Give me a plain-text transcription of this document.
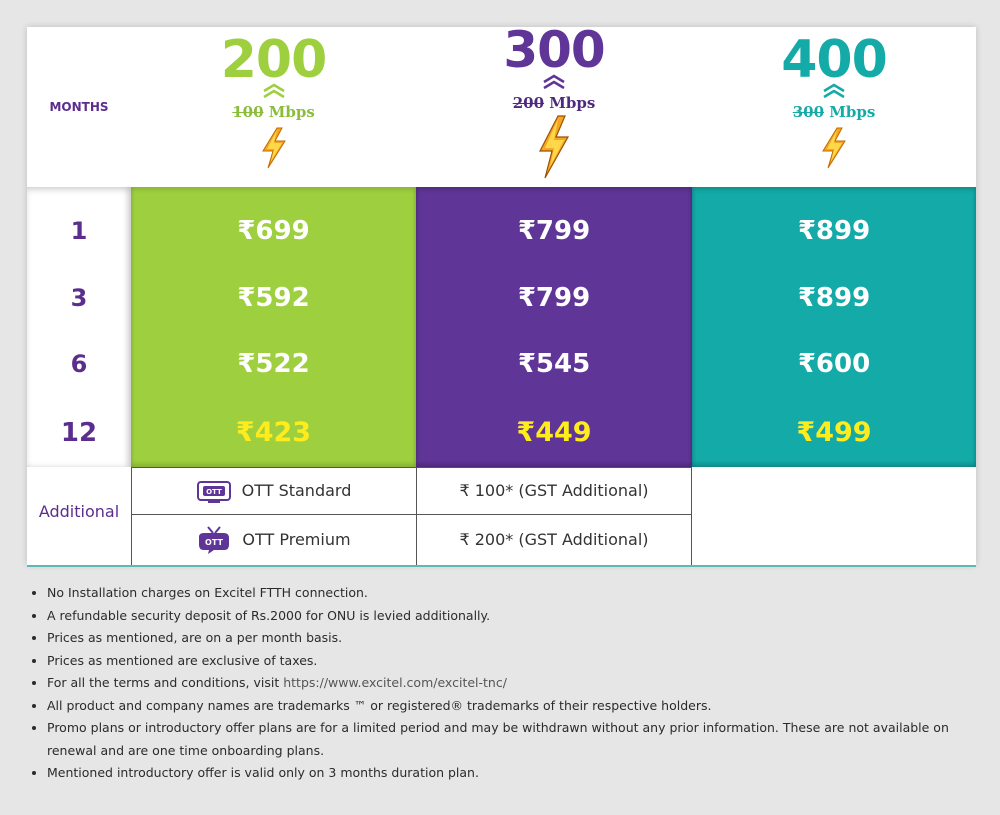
MONTHS
200
100 Mbps
300
200 Mbps
400
300 Mbps
1
3
6
12
₹699
₹592
₹522
₹423
₹799
₹799
₹545
₹449
₹899
₹899
₹600
₹499
Additional
OTT OTT Standard
OTT OTT Premium
₹ 100* (GST Additional)
₹ 200* (GST Additional)
• No Installation charges on Excitel FTTH connection.
• A refundable security deposit of Rs.2000 for ONU is levied additionally.
• Prices as mentioned, are on a per month basis.
• Prices as mentioned are exclusive of taxes.
• For all the terms and conditions, visit https://www.excitel.com/excitel-tnc/
• All product and company names are trademarks ™ or registered® trademarks of their respective holders.
• Promo plans or introductory offer plans are for a limited period and may be withdrawn without any prior information. These are not available on renewal and are one time onboarding plans.
• Mentioned introductory offer is valid only on 3 months duration plan.
